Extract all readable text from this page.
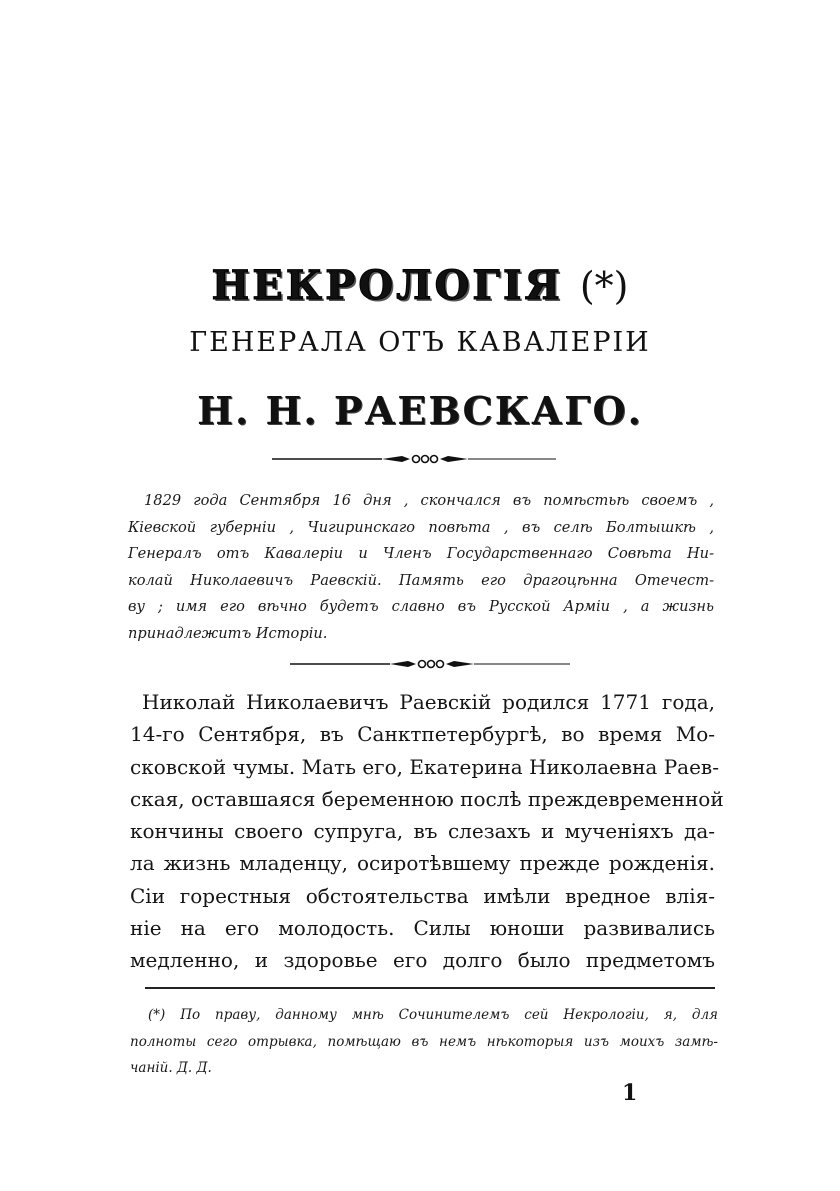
НЕКРОЛОГІЯ (*)
ГЕНЕРАЛА ОТЪ КАВАЛЕРІИ
Н. Н. РАЕВСКАГО.
1829 года Сентября 16 дня , скончался въ помѣстьѣ своемъ ,
Кіевской губерніи , Чигиринскаго повѣта , въ селѣ Болтышкѣ ,
Генералъ отъ Кавалеріи и Членъ Государственнаго Совѣта Ни-
колай Николаевичъ Раевскій. Память его драгоцѣнна Отечест-
ву ; имя его вѣчно будетъ славно въ Русской Арміи , а жизнь
принадлежитъ Исторіи.
Николай Николаевичъ Раевскій родился 1771 года,
14-го Сентября, въ Санктпетербургѣ, во время Мо-
сковской чумы. Мать его, Екатерина Николаевна Раев-
ская, оставшаяся беременною послѣ преждевременной
кончины своего супруга, въ слезахъ и мученіяхъ да-
ла жизнь младенцу, осиротѣвшему прежде рожденія.
Сіи горестныя обстоятельства имѣли вредное влія-
ніе на его молодость. Силы юноши развивались
медленно, и здоровье его долго было предметомъ
(*) По праву, данному мнѣ Сочинителемъ сей Некрологіи, я, для
полноты сего отрывка, помѣщаю въ немъ нѣкоторыя изъ моихъ замѣ-
чаній. Д. Д.
1
